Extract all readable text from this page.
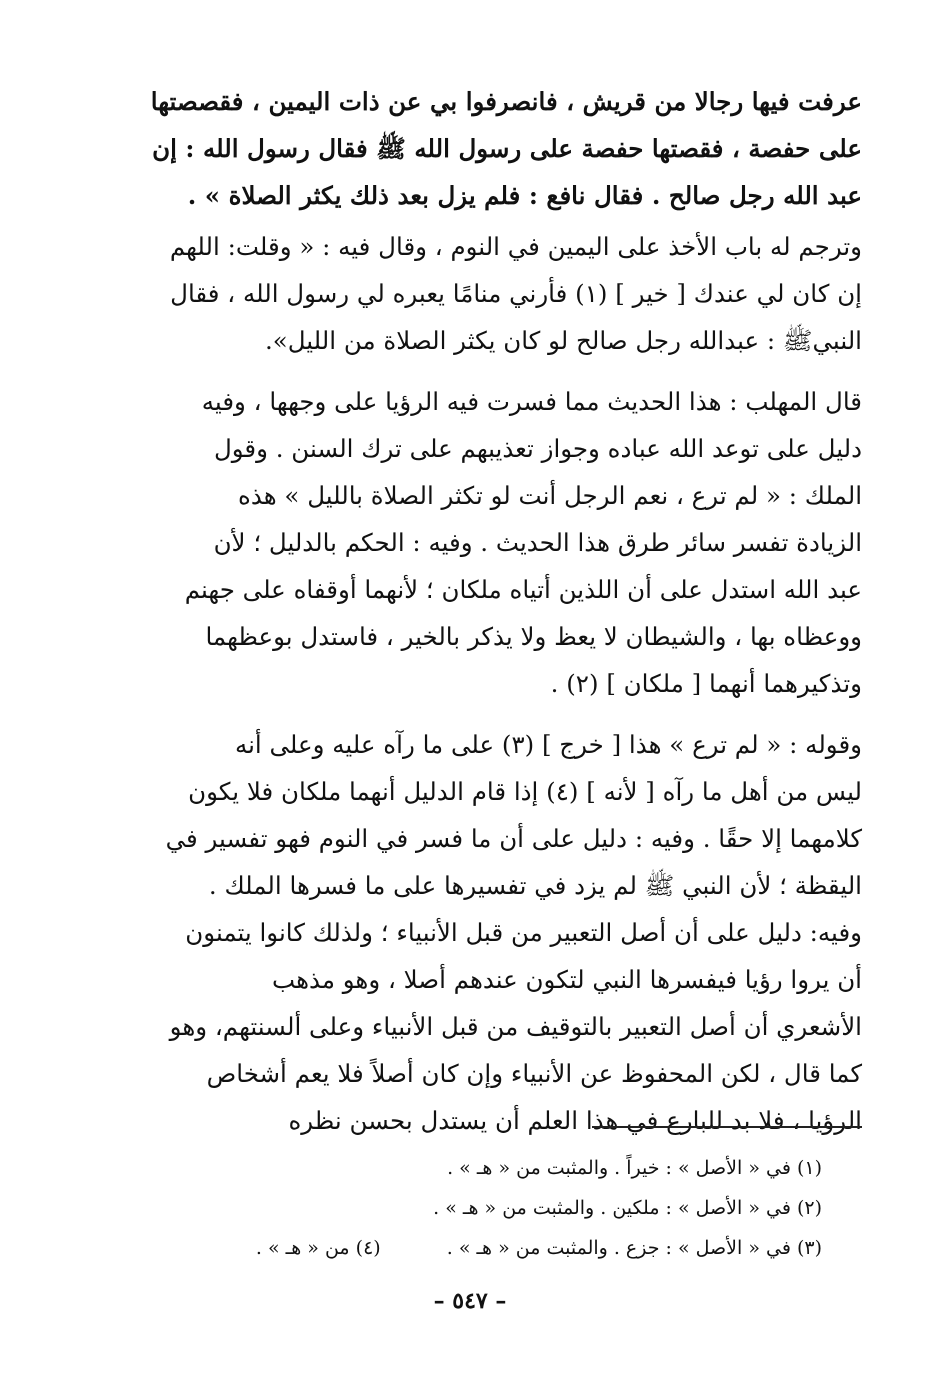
عرفت فيها رجالا من قريش ، فانصرفوا بي عن ذات اليمين ، فقصصتها
على حفصة ، فقصتها حفصة على رسول الله ﷺ فقال رسول الله : إن
عبد الله رجل صالح . فقال نافع : فلم يزل بعد ذلك يكثر الصلاة » .

وترجم له باب الأخذ على اليمين في النوم ، وقال فيه : « وقلت: اللهم
إن كان لي عندك [ خير ] (١) فأرني منامًا يعبره لي رسول الله ، فقال
النبيﷺ : عبدالله رجل صالح لو كان يكثر الصلاة من الليل».

قال المهلب : هذا الحديث مما فسرت فيه الرؤيا على وجهها ، وفيه
دليل على توعد الله عباده وجواز تعذيبهم على ترك السنن . وقول
الملك : « لم ترع ، نعم الرجل أنت لو تكثر الصلاة بالليل » هذه
الزيادة تفسر سائر طرق هذا الحديث . وفيه : الحكم بالدليل ؛ لأن
عبد الله استدل على أن اللذين أتياه ملكان ؛ لأنهما أوقفاه على جهنم
ووعظاه بها ، والشيطان لا يعظ ولا يذكر بالخير ، فاستدل بوعظهما
وتذكيرهما أنهما [ ملكان ] (٢) .

وقوله : « لم ترع » هذا [ خرج ] (٣) على ما رآه عليه وعلى أنه
ليس من أهل ما رآه [ لأنه ] (٤) إذا قام الدليل أنهما ملكان فلا يكون
كلامهما إلا حقًا . وفيه : دليل على أن ما فسر في النوم فهو تفسير في
اليقظة ؛ لأن النبي ﷺ لم يزد في تفسيرها على ما فسرها الملك .
وفيه: دليل على أن أصل التعبير من قبل الأنبياء ؛ ولذلك كانوا يتمنون
أن يروا رؤيا فيفسرها النبي لتكون عندهم أصلا ، وهو مذهب
الأشعري أن أصل التعبير بالتوقيف من قبل الأنبياء وعلى ألسنتهم، وهو
كما قال ، لكن المحفوظ عن الأنبياء وإن كان أصلاً فلا يعم أشخاص
الرؤيا ، فلا بد للبارع في هذا العلم أن يستدل بحسن نظره

(١) في « الأصل » : خيراً . والمثبت من « هـ » .
(٢) في « الأصل » : ملكين . والمثبت من « هـ » .
(٣) في « الأصل » : جزع . والمثبت من « هـ » . (٤) من « هـ » .
– ٥٤٧ –
